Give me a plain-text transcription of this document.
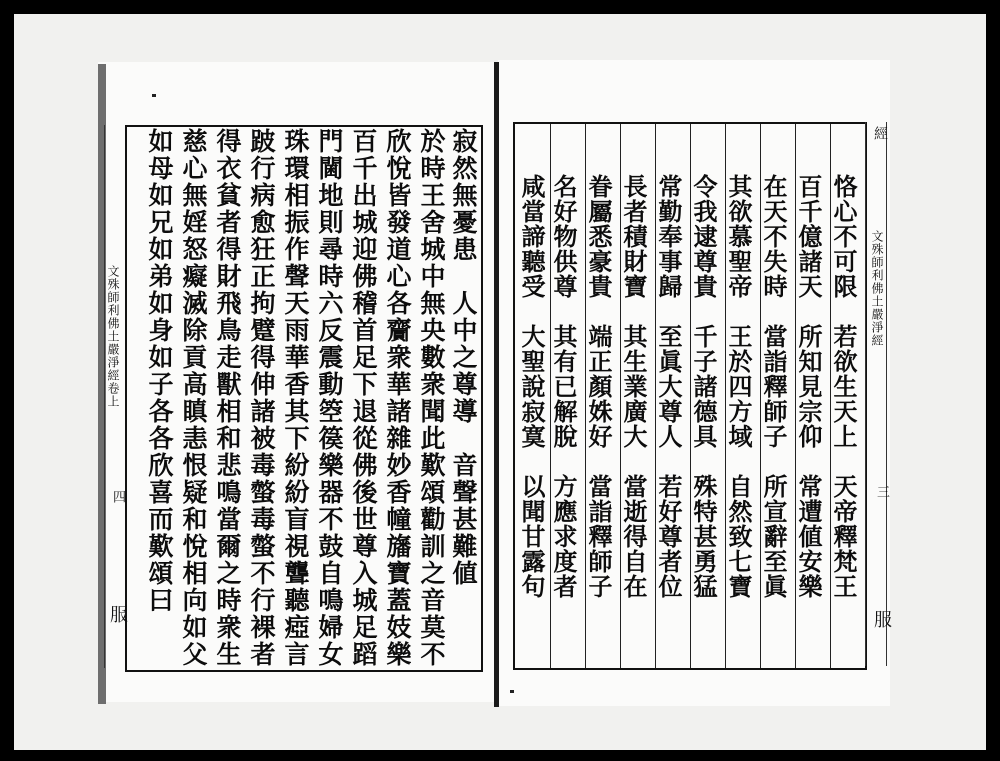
寂然無憂患　人中之尊導　音聲甚難値
於時王舍城中無央數衆聞此歎頌勸訓之音莫不
欣悅皆發道心各齎衆華諸雜妙香幢旛寶蓋妓樂
百千出城迎佛稽首足下退從佛後世尊入城足蹈
門閫地則尋時六反震動箜篌樂器不鼓自鳴婦女
珠環相振作聲天雨華香其下紛紛盲視聾聽瘂言
跛行病愈狂正拘躄得伸諸被毒螫毒螫不行裸者
得衣貧者得財飛鳥走獸相和悲鳴當爾之時衆生
慈心無婬怒癡滅除貢高瞋恚恨疑和悅相向如父
如母如兄如弟如身如子各各欣喜而歎頌曰	恪心不可限　若欲生天上　天帝釋梵王
百千億諸天　所知見宗仰　常遭値安樂
在天不失時　當詣釋師子　所宣辭至眞
其欲慕聖帝　王於四方域　自然致七寶
令我逮尊貴　千子諸德具　殊特甚勇猛
常勤奉事歸　至眞大尊人　若好尊者位
長者積財寶　其生業廣大　當逝得自在
眷屬悉豪貴　端正顏姝好　當詣釋師子
名好物供尊　其有已解脫　方應求度者
咸當諦聽受　大聖說寂寞　以聞甘露句
文殊師利佛土嚴淨經卷上
四
服
經
文殊師利佛土嚴淨經
三
服
